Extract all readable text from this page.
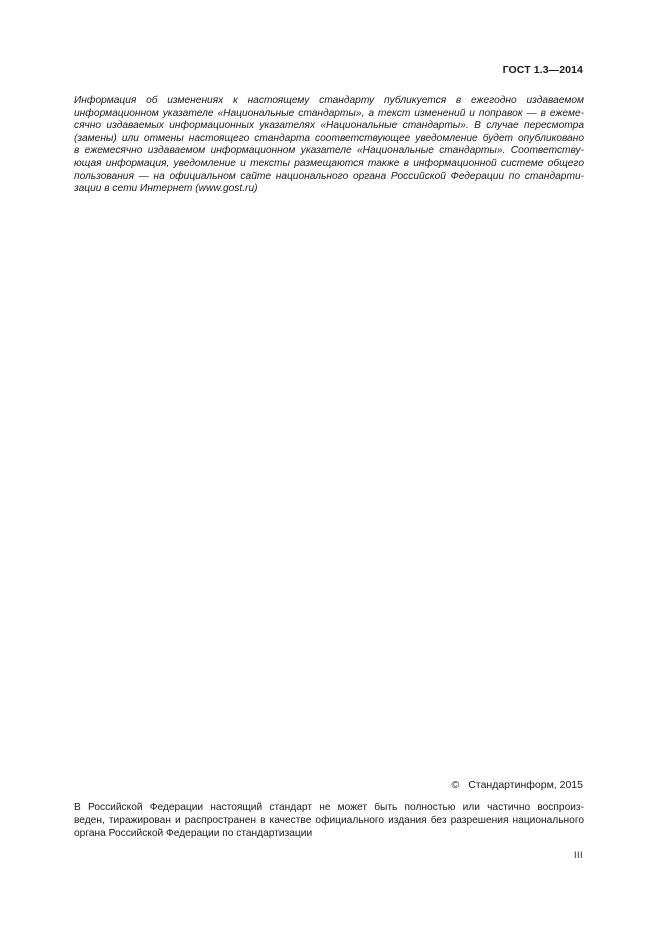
ГОСТ 1.3—2014
Информация об изменениях к настоящему стандарту публикуется в ежегодно издаваемом
информационном указателе «Национальные стандарты», а текст изменений и поправок — в ежеме-
сячно издаваемых информационных указателях «Национальные стандарты». В случае пересмотра
(замены) или отмены настоящего стандарта соответствующее уведомление будет опубликовано
в ежемесячно издаваемом информационном указателе «Национальные стандарты». Соответству-
ющая информация, уведомление и тексты размещаются также в информационной системе общего
пользования — на официальном сайте национального органа Российской Федерации по стандарти-
зации в сети Интернет (www.gost.ru)
© Стандартинформ, 2015
В Российской Федерации настоящий стандарт не может быть полностью или частично воспроиз-
веден, тиражирован и распространен в качестве официального издания без разрешения национального
органа Российской Федерации по стандартизации
III
